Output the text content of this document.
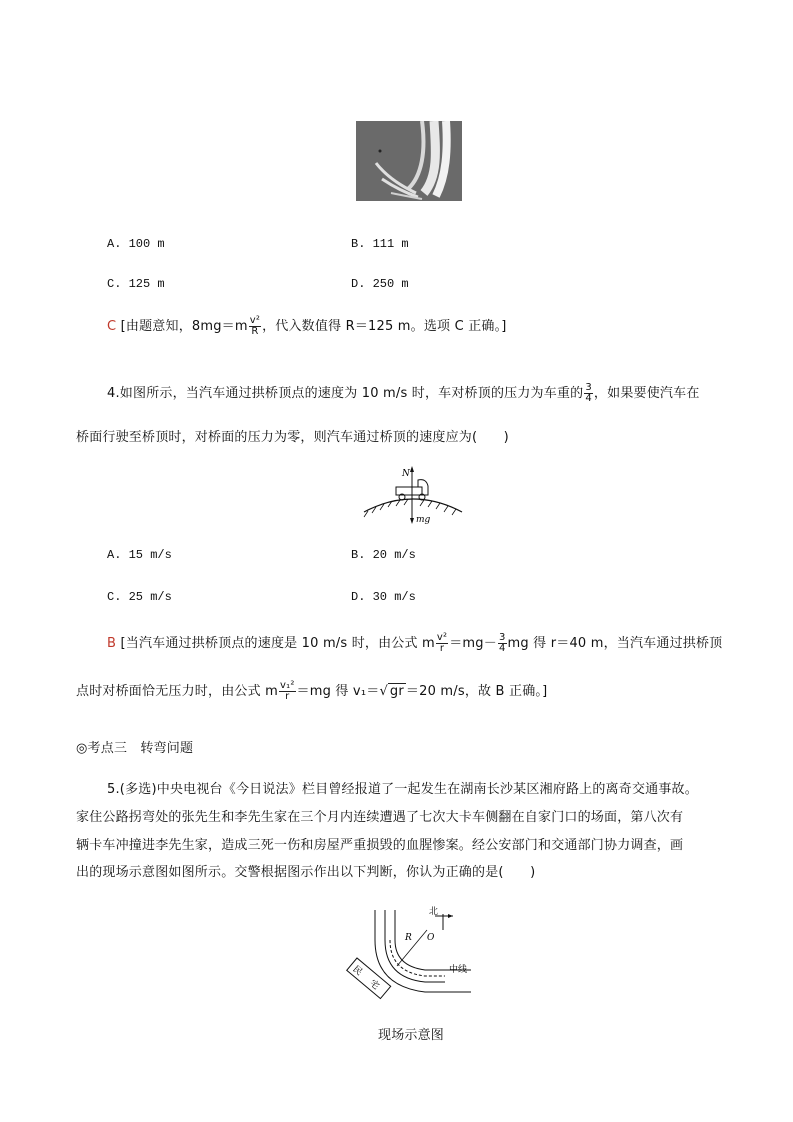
A. 100 m	B. 111 m
C. 125 m	D. 250 m
C [由题意知，$8mg=m \frac{\text{v²}}{R}$ ，代入数值得 R＝125 m。选项 C 正确。]
4.如图所示，当汽车通过拱桥顶点的速度为 10 m/s 时，车对桥顶的压力为车重的 $\frac{3}{4}$ ，如果要使汽车在
桥面行驶至桥顶时，对桥面的压力为零，则汽车通过桥顶的速度应为(　　)
N
mg
A. 15 m/s	B. 20 m/s
C. 25 m/s	D. 30 m/s
B [当汽车通过拱桥顶点的速度是 10 m/s 时，由公式 m $\frac{\text{v²}}{r} =mg- \frac{3}{4}$ mg 得 r＝40 m，当汽车通过拱桥顶
点时对桥面恰无压力时，由公式 m $\frac{\text{v₁²}}{r} =mg$ 得 v₁＝√ gr ＝20 m/s，故 B 正确。]
◎考点三　转弯问题
5.(多选)中央电视台《今日说法》栏目曾经报道了一起发生在湖南长沙某区湘府路上的离奇交通事故。
家住公路拐弯处的张先生和李先生家在三个月内连续遭遇了七次大卡车侧翻在自家门口的场面，第八次有
辆卡车冲撞进李先生家，造成三死一伤和房屋严重损毁的血腥惨案。经公安部门和交通部门协力调查，画
出的现场示意图如图所示。交警根据图示作出以下判断，你认为正确的是(　　)
北
R O
中线
民
宅
现场示意图
